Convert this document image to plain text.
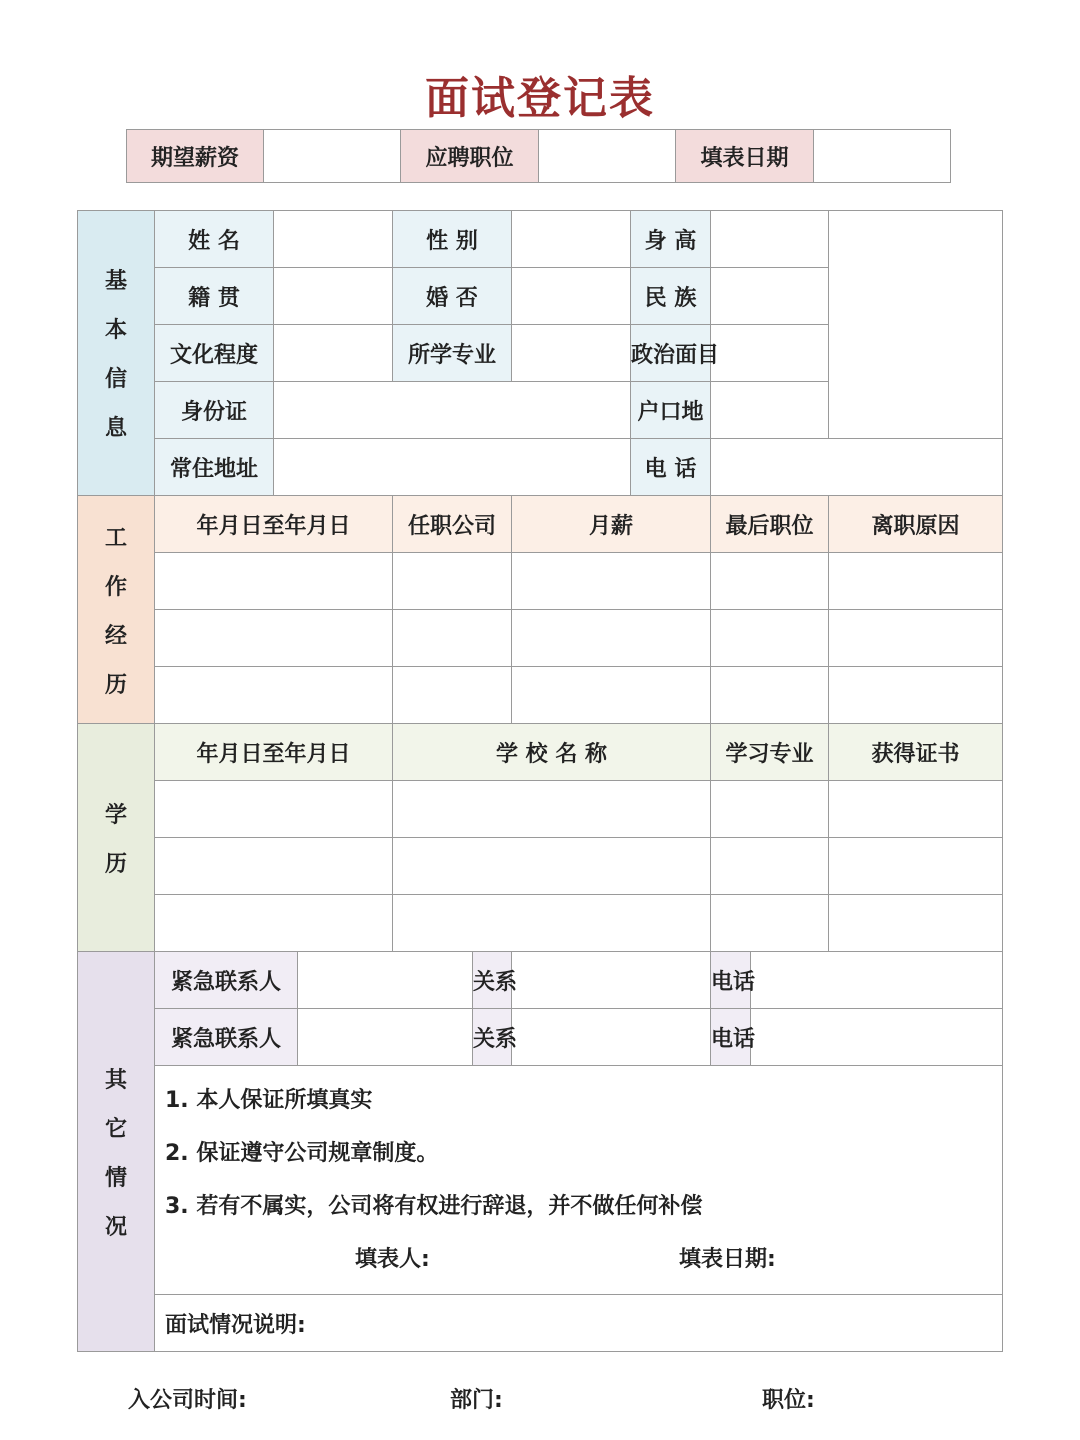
面试登记表
期望薪资		应聘职位		填表日期	
基
本
信
息	姓 名			性 别			身 高			
	籍 贯			婚 否			民 族			
	文化程度			所学专业			政治面目			
	身份证						户口地			
	常住地址						电 话			

工
作
经
历	年月日至年月日			任职公司		月薪		最后职位		离职原因

学
历	年月日至年月日			学 校 名 称				学习专业		获得证书

其
它
情
况	紧急联系人				关系			电话		
	紧急联系人				关系			电话		

	1. 本人保证所填真实
2. 保证遵守公司规章制度。
3. 若有不属实，公司将有权进行辞退，并不做任何补偿
填表人: 填表日期:									

	面试情况说明:									
入公司时间:	部门:	职位:
